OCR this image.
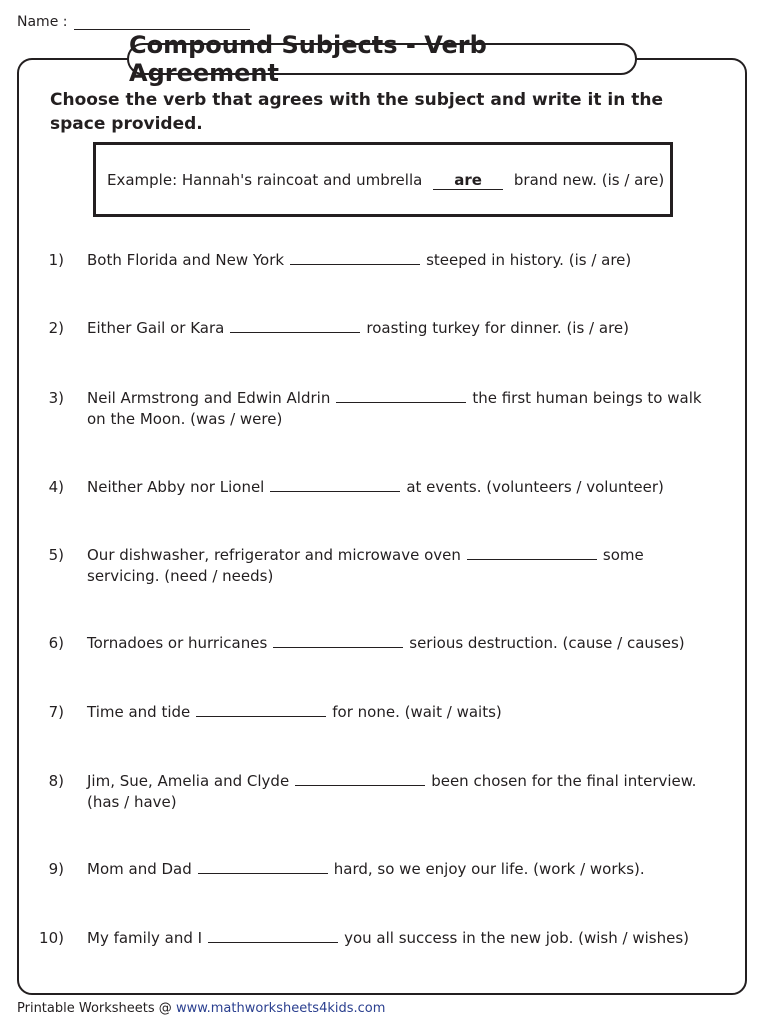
Name :
Compound Subjects - Verb Agreement
Choose the verb that agrees with the subject and write it in the space provided.
Example: Hannah's raincoat and umbrella are brand new. (is / are)
1) Both Florida and New York	steeped in history. (is / are)
2) Either Gail or Kara	roasting turkey for dinner. (is / are)
3) Neil Armstrong and Edwin Aldrin	the first human beings to walk on the Moon. (was / were)
4) Neither Abby nor Lionel	at events. (volunteers / volunteer)
5) Our dishwasher, refrigerator and microwave oven	some servicing. (need / needs)
6) Tornadoes or hurricanes	serious destruction. (cause / causes)
7) Time and tide	for none. (wait / waits)
8) Jim, Sue, Amelia and Clyde	been chosen for the final interview. (has / have)
9) Mom and Dad	hard, so we enjoy our life. (work / works).
10) My family and I	you all success in the new job. (wish / wishes)
Printable Worksheets @ www.mathworksheets4kids.com
